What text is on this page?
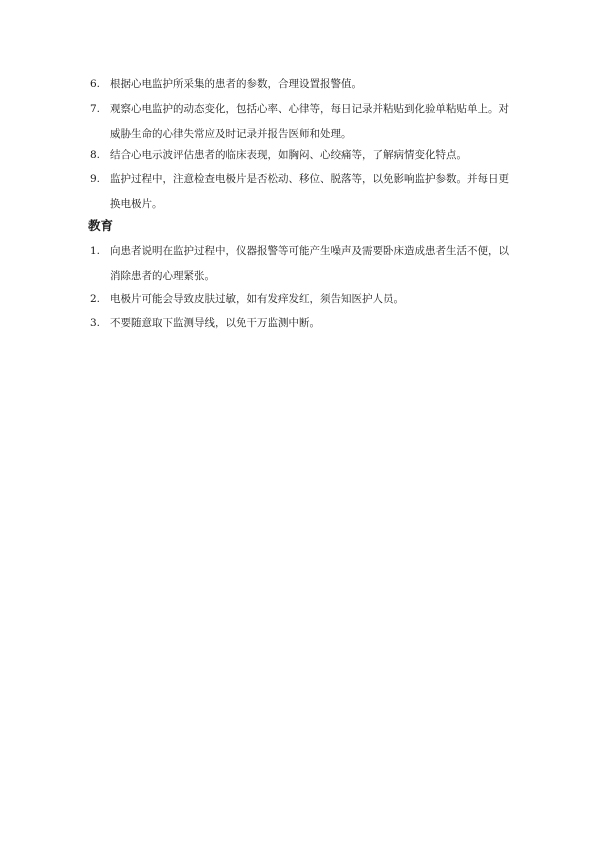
6. 根据心电监护所采集的患者的参数，合理设置报警值。
7. 观察心电监护的动态变化，包括心率、心律等，每日记录并粘贴到化验单粘贴单上。对
威胁生命的心律失常应及时记录并报告医师和处理。
8. 结合心电示波评估患者的临床表现，如胸闷、心绞痛等，了解病情变化特点。
9. 监护过程中，注意检查电极片是否松动、移位、脱落等，以免影响监护参数。并每日更
换电极片。
教育
1. 向患者说明在监护过程中，仪器报警等可能产生噪声及需要卧床造成患者生活不便，以
消除患者的心理紧张。
2. 电极片可能会导致皮肤过敏，如有发痒发红，须告知医护人员。
3. 不要随意取下监测导线，以免干万监测中断。
